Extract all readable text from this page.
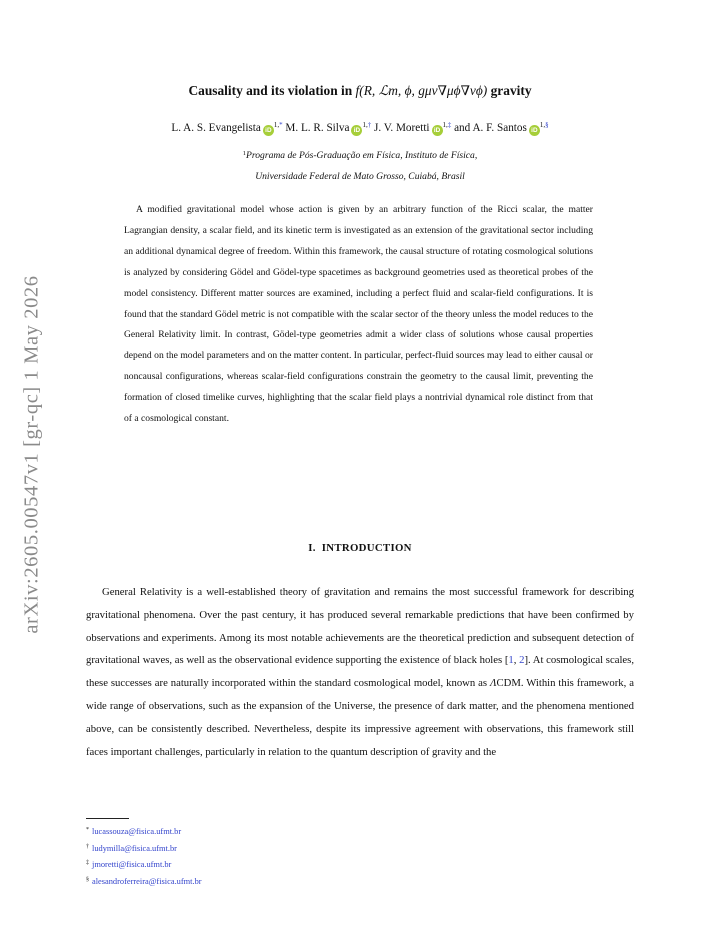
arXiv:2605.00547v1 [gr-qc] 1 May 2026
Causality and its violation in f(R, ℒm, ϕ, gμν∇μϕ∇νϕ) gravity
L. A. S. Evangelista $iD^{1,*}$ M. L. R. Silva $iD^{1,\dagger}$ J. V. Moretti $iD^{1,\ddagger}$ and A. F. Santos $iD^{1,\S}$
$^1$Programa de Pós-Graduação em Física, Instituto de Física,
Universidade Federal de Mato Grosso, Cuiabá, Brasil
A modified gravitational model whose action is given by an arbitrary function of the Ricci scalar, the matter Lagrangian density, a scalar field, and its kinetic term is investigated as an extension of the gravitational sector including an additional dynamical degree of freedom. Within this framework, the causal structure of rotating cosmological solutions is analyzed by considering Gödel and Gödel-type spacetimes as background geometries used as theoretical probes of the model consistency. Different matter sources are examined, including a perfect fluid and scalar-field configurations. It is found that the standard Gödel metric is not compatible with the scalar sector of the theory unless the model reduces to the General Relativity limit. In contrast, Gödel-type geometries admit a wider class of solutions whose causal properties depend on the model parameters and on the matter content. In particular, perfect-fluid sources may lead to either causal or noncausal configurations, whereas scalar-field configurations constrain the geometry to the causal limit, preventing the formation of closed timelike curves, highlighting that the scalar field plays a nontrivial dynamical role distinct from that of a cosmological constant.
I. INTRODUCTION
General Relativity is a well-established theory of gravitation and remains the most successful framework for describing gravitational phenomena. Over the past century, it has produced several remarkable predictions that have been confirmed by observations and experiments. Among its most notable achievements are the theoretical prediction and subsequent detection of gravitational waves, as well as the observational evidence supporting the existence of black holes [1, 2]. At cosmological scales, these successes are naturally incorporated within the standard cosmological model, known as ΛCDM. Within this framework, a wide range of observations, such as the expansion of the Universe, the presence of dark matter, and the phenomena mentioned above, can be consistently described. Nevertheless, despite its impressive agreement with observations, this framework still faces important challenges, particularly in relation to the quantum description of gravity and the
* lucassouza@fisica.ufmt.br
† ludymilla@fisica.ufmt.br
‡ jmoretti@fisica.ufmt.br
§ alesandroferreira@fisica.ufmt.br
